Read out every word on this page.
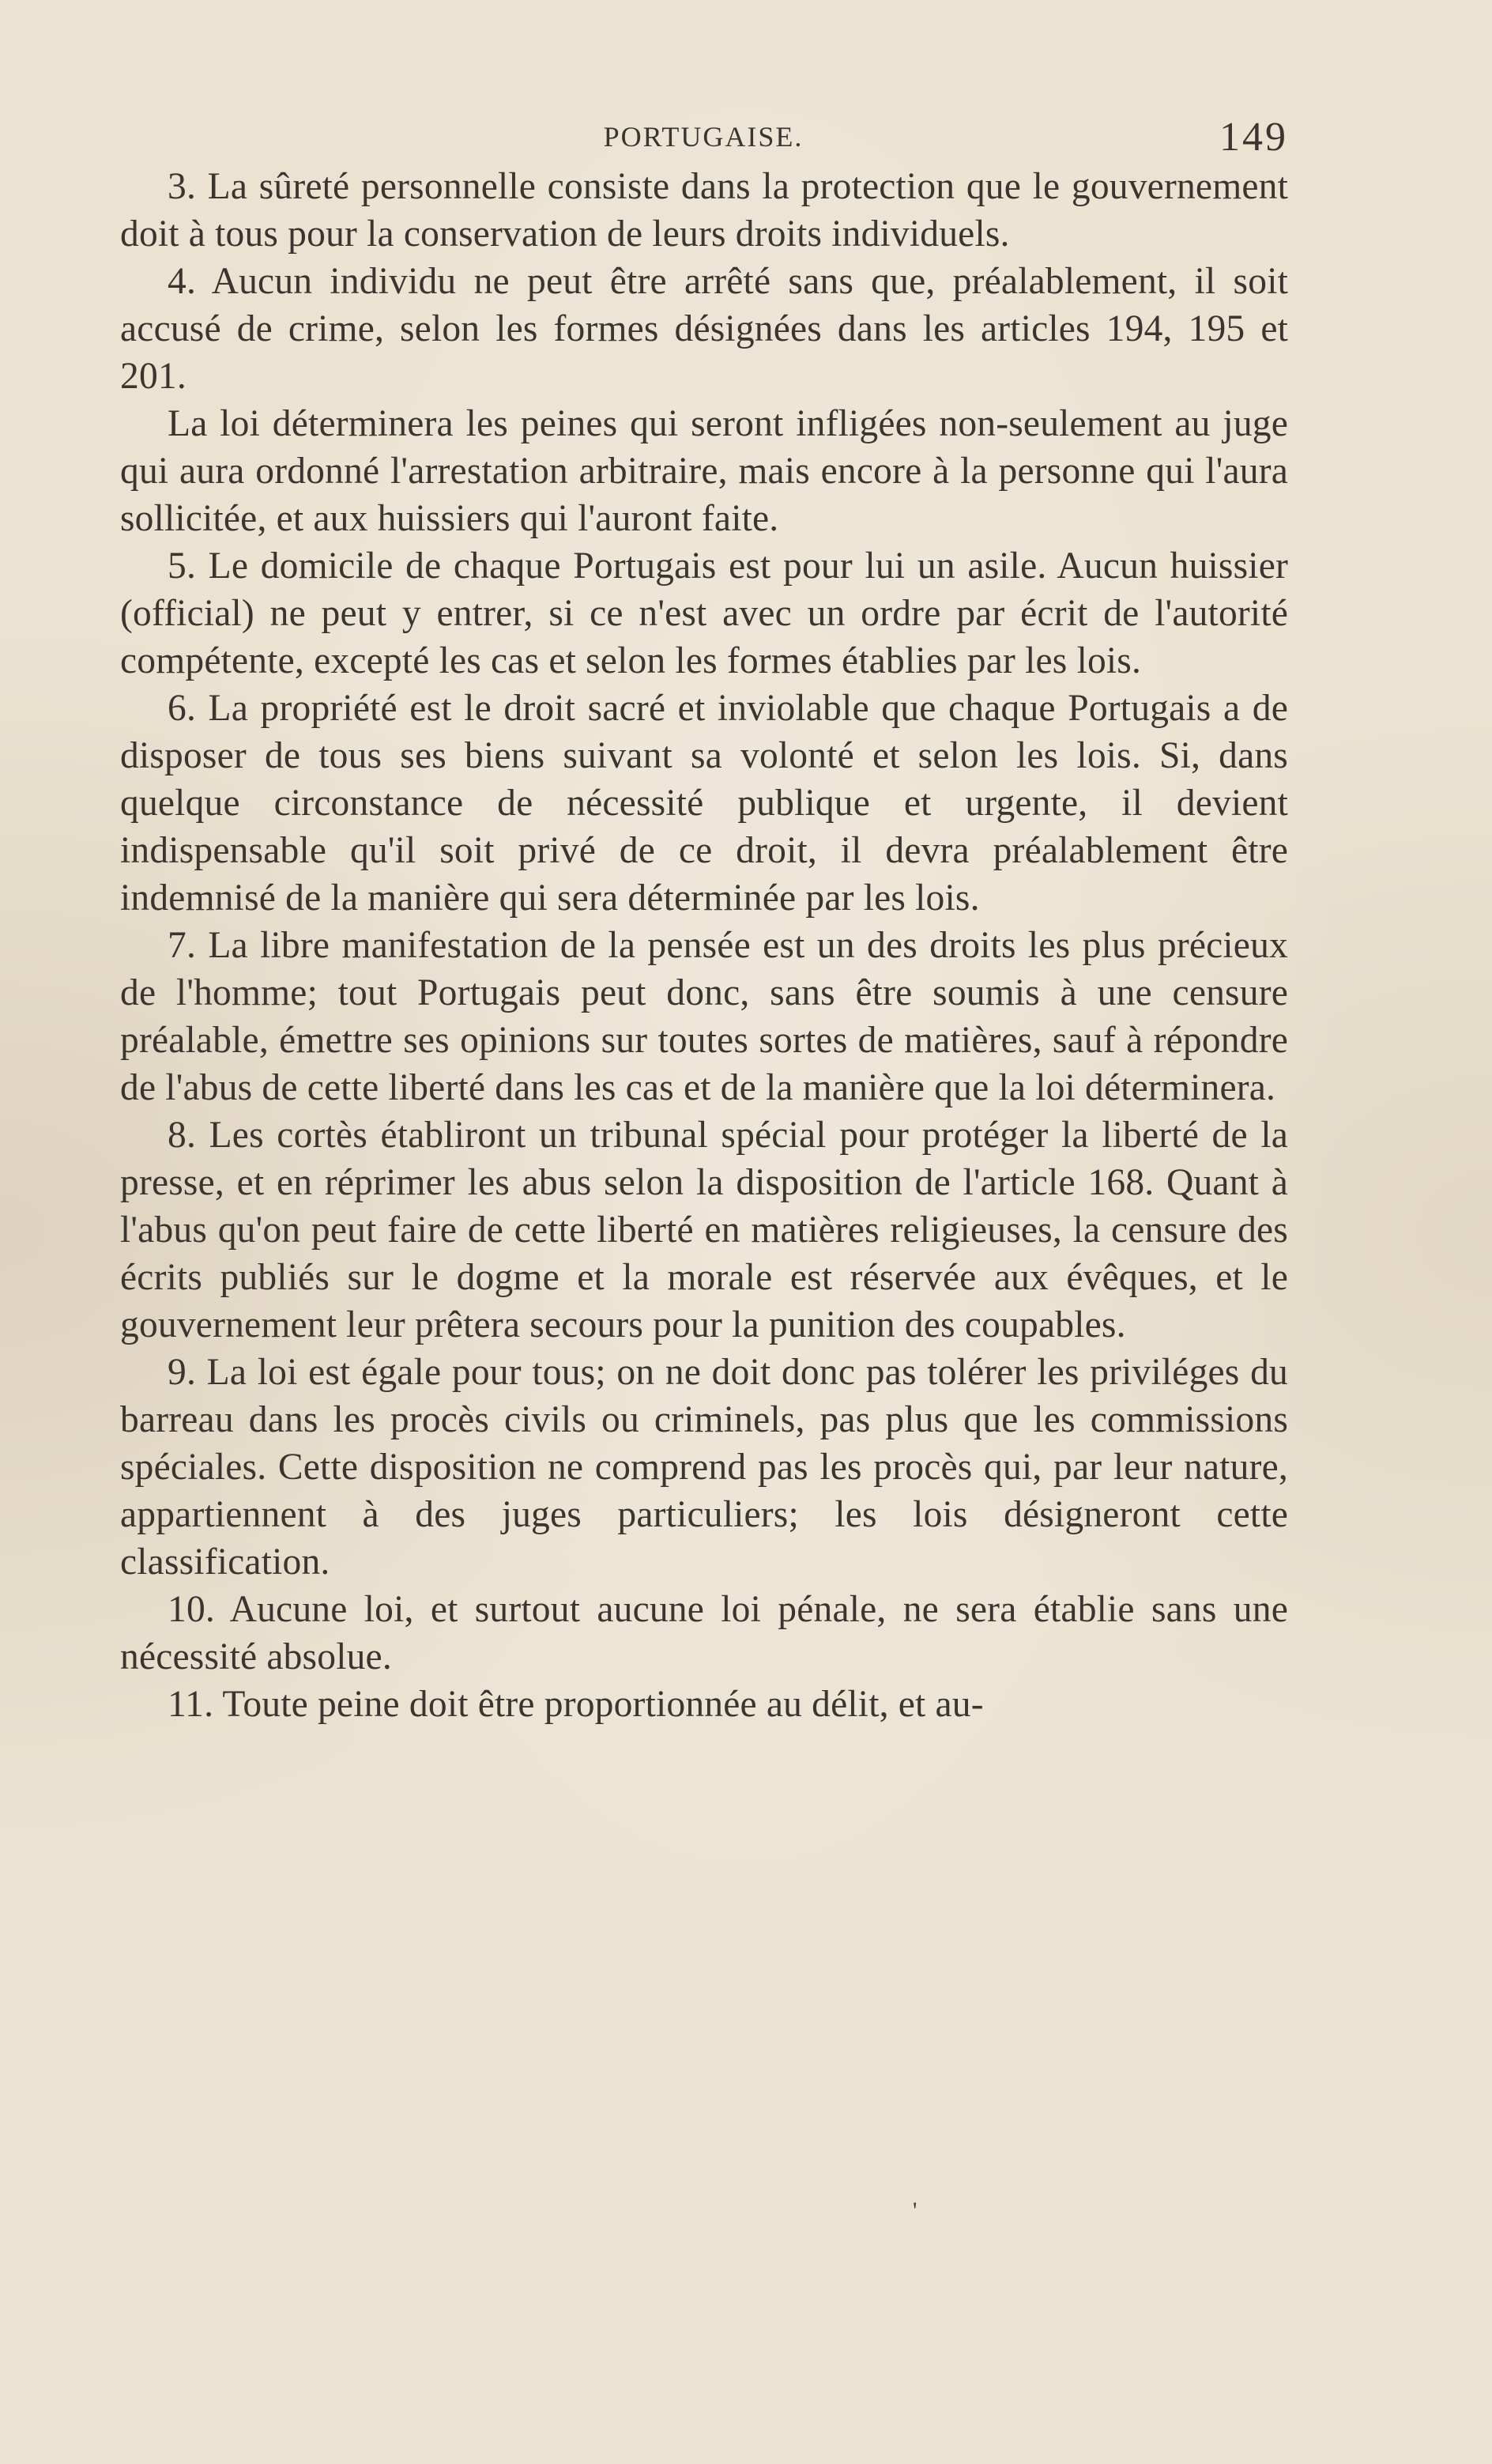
PORTUGAISE.	149

3. La sûreté personnelle consiste dans la protection que le gouvernement doit à tous pour la conservation de leurs droits individuels.

4. Aucun individu ne peut être arrêté sans que, préalablement, il soit accusé de crime, selon les formes désignées dans les articles 194, 195 et 201.

La loi déterminera les peines qui seront infligées non-seulement au juge qui aura ordonné l'arrestation arbitraire, mais encore à la personne qui l'aura sollicitée, et aux huissiers qui l'auront faite.

5. Le domicile de chaque Portugais est pour lui un asile. Aucun huissier (official) ne peut y entrer, si ce n'est avec un ordre par écrit de l'autorité compétente, excepté les cas et selon les formes établies par les lois.

6. La propriété est le droit sacré et inviolable que chaque Portugais a de disposer de tous ses biens suivant sa volonté et selon les lois. Si, dans quelque circonstance de nécessité publique et urgente, il devient indispensable qu'il soit privé de ce droit, il devra préalablement être indemnisé de la manière qui sera déterminée par les lois.

7. La libre manifestation de la pensée est un des droits les plus précieux de l'homme; tout Portugais peut donc, sans être soumis à une censure préalable, émettre ses opinions sur toutes sortes de matières, sauf à répondre de l'abus de cette liberté dans les cas et de la manière que la loi déterminera.

8. Les cortès établiront un tribunal spécial pour protéger la liberté de la presse, et en réprimer les abus selon la disposition de l'article 168. Quant à l'abus qu'on peut faire de cette liberté en matières religieuses, la censure des écrits publiés sur le dogme et la morale est réservée aux évêques, et le gouvernement leur prêtera secours pour la punition des coupables.

9. La loi est égale pour tous; on ne doit donc pas tolérer les priviléges du barreau dans les procès civils ou criminels, pas plus que les commissions spéciales. Cette disposition ne comprend pas les procès qui, par leur nature, appartiennent à des juges particuliers; les lois désigneront cette classification.

10. Aucune loi, et surtout aucune loi pénale, ne sera établie sans une nécessité absolue.

11. Toute peine doit être proportionnée au délit, et au-

'
